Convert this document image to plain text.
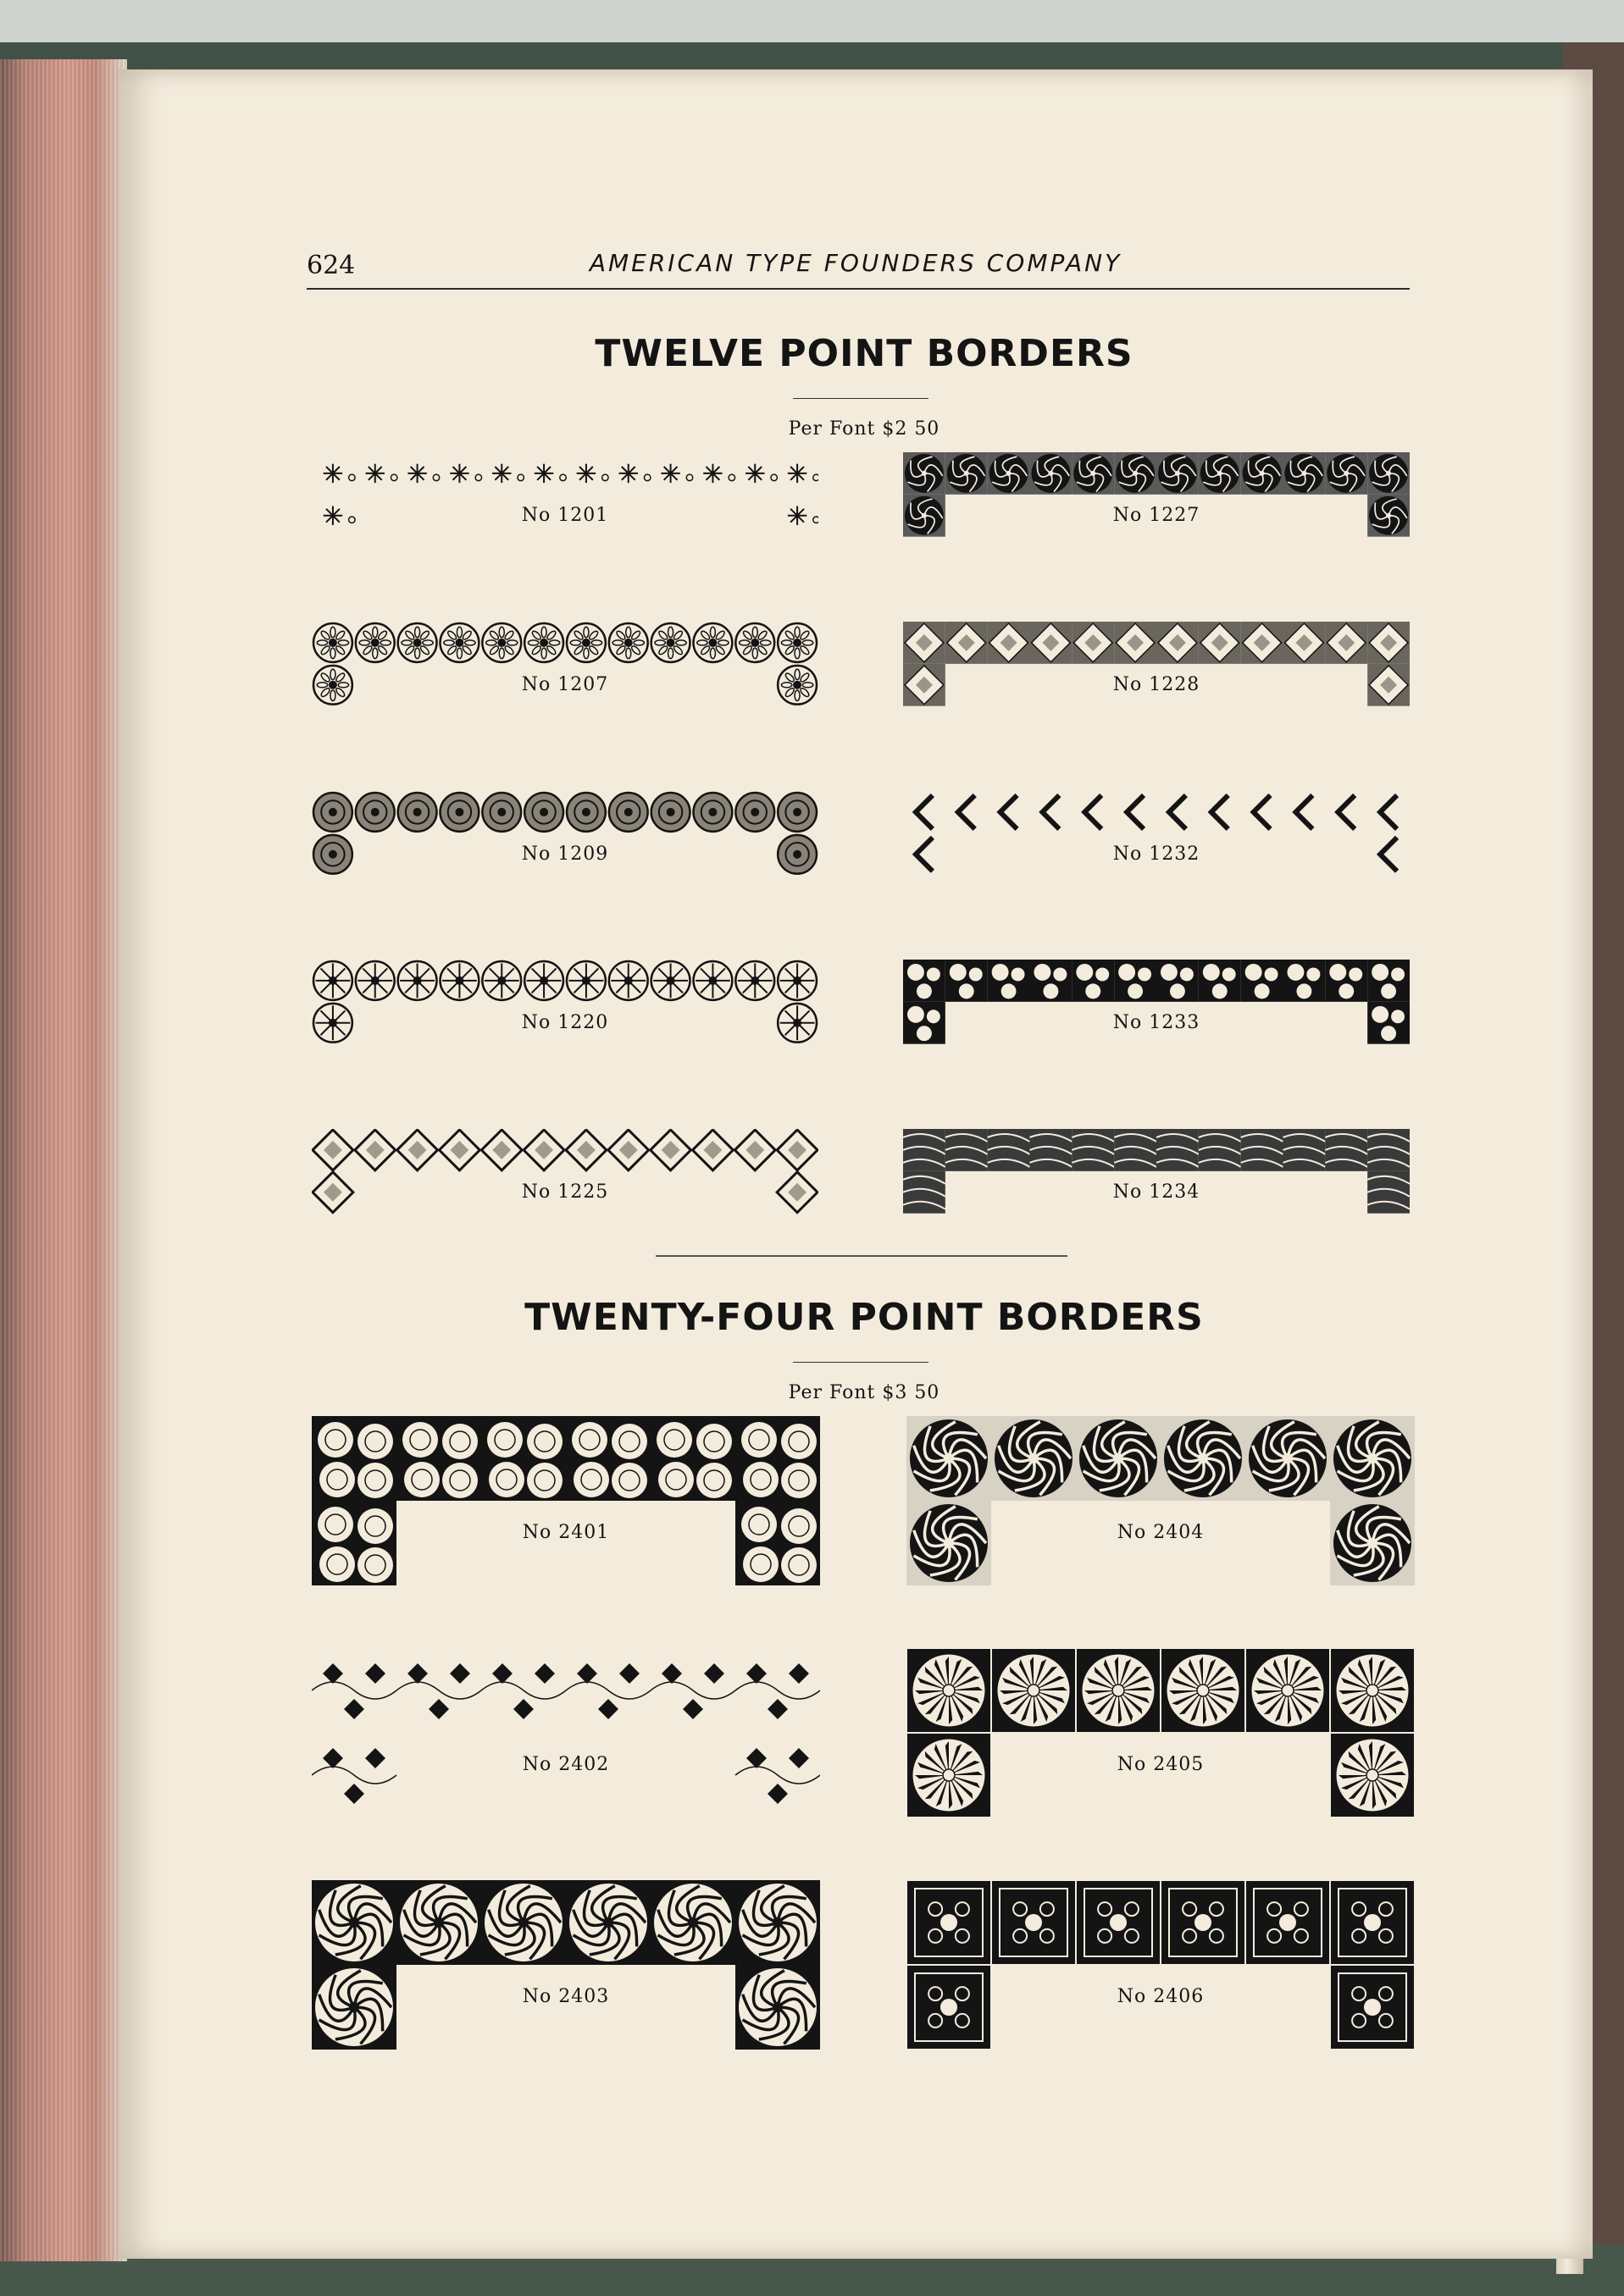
624	AMERICAN TYPE FOUNDERS COMPANY
TWELVE POINT BORDERS
Per Font $2 50
No 1201	No 1227
No 1207	No 1228
No 1209	No 1232
No 1220	No 1233
No 1225	No 1234
TWENTY-FOUR POINT BORDERS
Per Font $3 50
No 2401	No 2404
No 2402	No 2405
No 2403	No 2406
